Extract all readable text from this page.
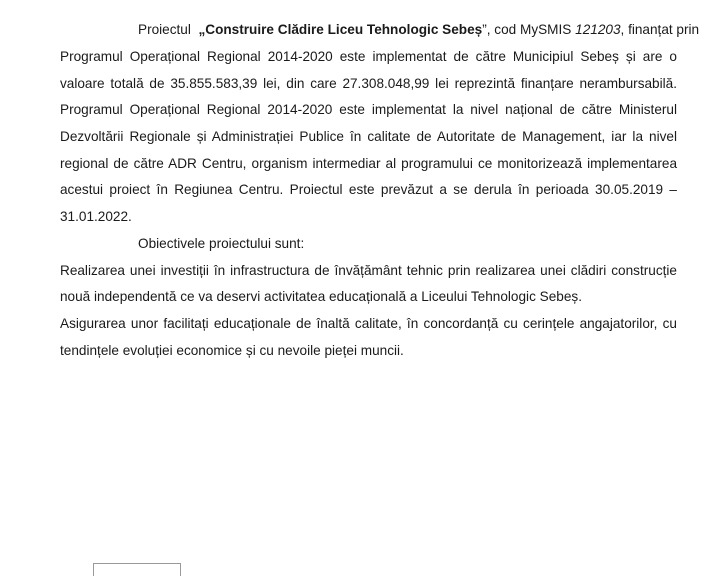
Proiectul „Construire Clădire Liceu Tehnologic Sebeș”, cod MySMIS 121203, finanțat prin
Programul Operațional Regional 2014-2020 este implementat de către Municipiul Sebeș și are o
valoare totală de 35.855.583,39 lei, din care 27.308.048,99 lei reprezintă finanțare nerambursabilă.
Programul Operațional Regional 2014-2020 este implementat la nivel național de către Ministerul
Dezvoltării Regionale și Administrației Publice în calitate de Autoritate de Management, iar la nivel
regional de către ADR Centru, organism intermediar al programului ce monitorizează implementarea
acestui proiect în Regiunea Centru. Proiectul este prevăzut a se derula în perioada 30.05.2019 –
31.01.2022.
Obiectivele proiectului sunt:
Realizarea unei investiții în infrastructura de învățământ tehnic prin realizarea unei clădiri construcție
nouă independentă ce va deservi activitatea educațională a Liceului Tehnologic Sebeș.
Asigurarea unor facilitați educaționale de înaltă calitate, în concordanță cu cerințele angajatorilor, cu
tendințele evoluției economice și cu nevoile pieței muncii.
